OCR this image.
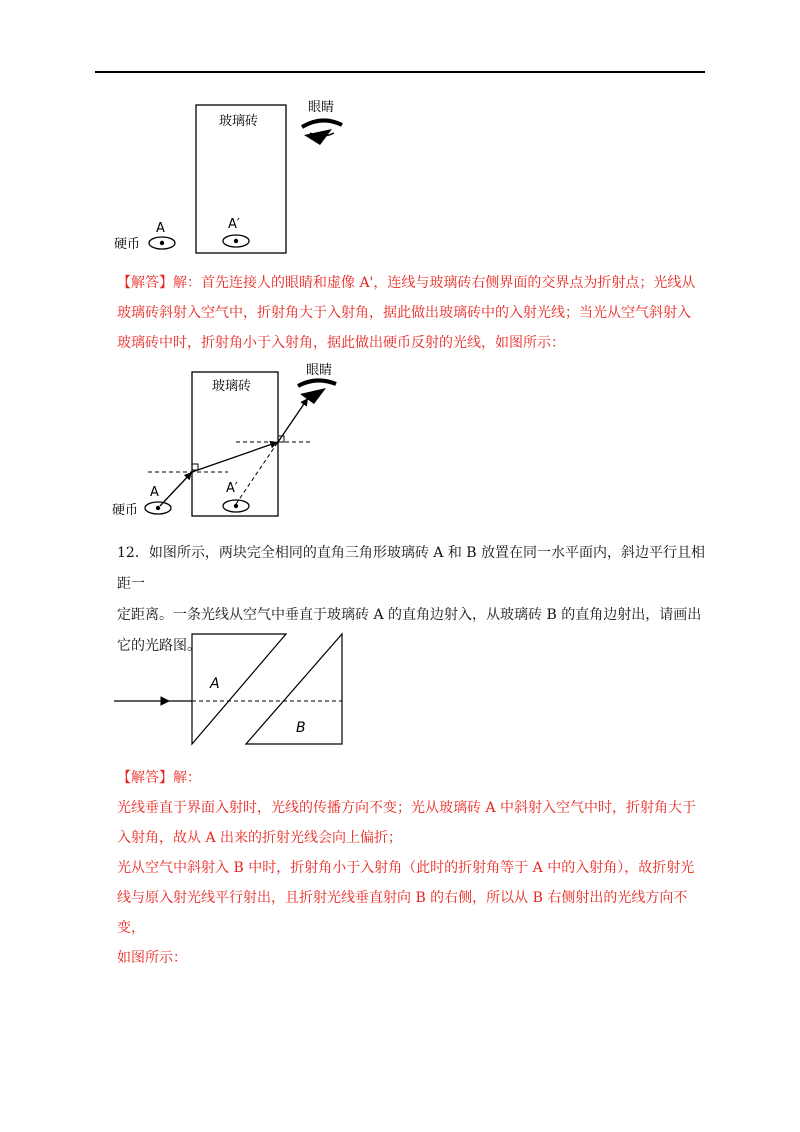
玻璃砖
眼睛
A	A′
硬币
【解答】解：首先连接人的眼睛和虚像 A'，连线与玻璃砖右侧界面的交界点为折射点；光线从
玻璃砖斜射入空气中，折射角大于入射角，据此做出玻璃砖中的入射光线；当光从空气斜射入
玻璃砖中时，折射角小于入射角，据此做出硬币反射的光线，如图所示：
玻璃砖
眼睛
A	A′
硬币
12．如图所示，两块完全相同的直角三角形玻璃砖 A 和 B 放置在同一水平面内，斜边平行且相距一
定距离。一条光线从空气中垂直于玻璃砖 A 的直角边射入，从玻璃砖 B 的直角边射出，请画出
它的光路图。
A
B
【解答】解：
光线垂直于界面入射时，光线的传播方向不变；光从玻璃砖 A 中斜射入空气中时，折射角大于
入射角，故从 A 出来的折射光线会向上偏折；
光从空气中斜射入 B 中时，折射角小于入射角（此时的折射角等于 A 中的入射角），故折射光
线与原入射光线平行射出，且折射光线垂直射向 B 的右侧，所以从 B 右侧射出的光线方向不变，
如图所示：
